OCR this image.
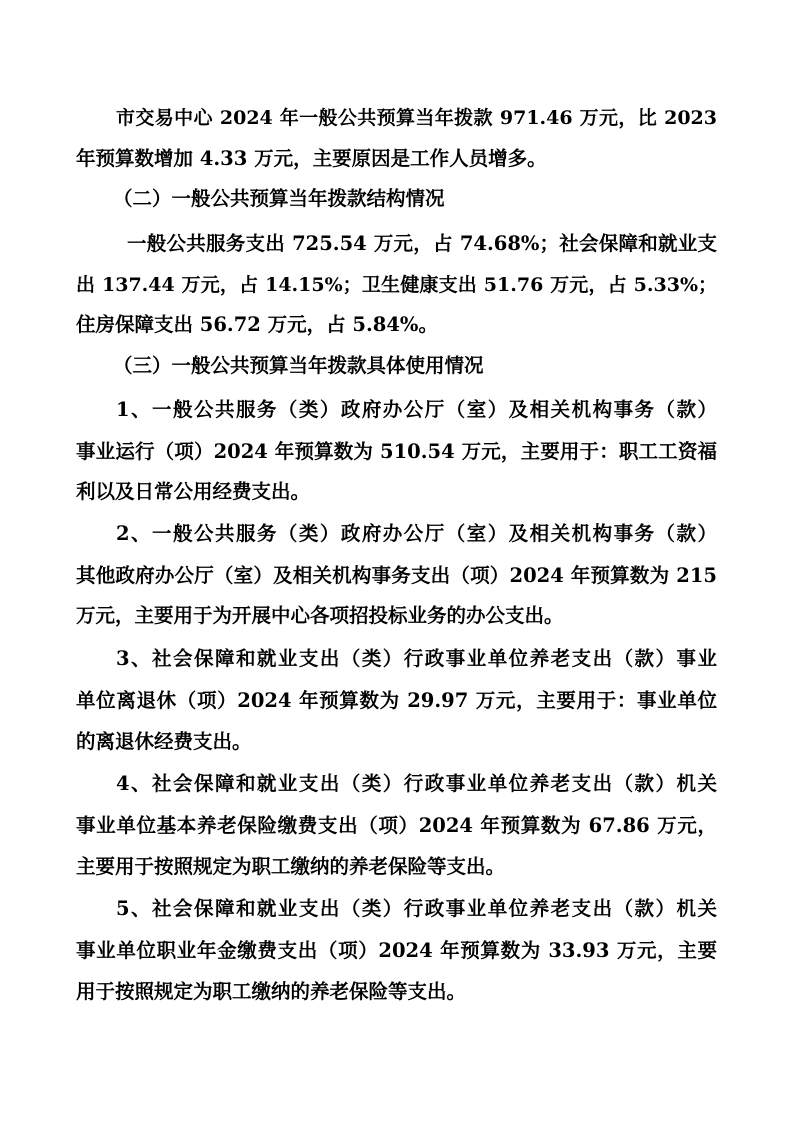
市交易中心 2024 年一般公共预算当年拨款 971.46 万元，比 2023
年预算数增加 4.33 万元，主要原因是工作人员增多。
（二）一般公共预算当年拨款结构情况
一般公共服务支出 725.54 万元，占 74.68%；社会保障和就业支
出 137.44 万元，占 14.15%；卫生健康支出 51.76 万元，占 5.33%；
住房保障支出 56.72 万元，占 5.84%。
（三）一般公共预算当年拨款具体使用情况
1、一般公共服务（类）政府办公厅（室）及相关机构事务（款）
事业运行（项）2024 年预算数为 510.54 万元，主要用于：职工工资福
利以及日常公用经费支出。
2、一般公共服务（类）政府办公厅（室）及相关机构事务（款）
其他政府办公厅（室）及相关机构事务支出（项）2024 年预算数为 215
万元，主要用于为开展中心各项招投标业务的办公支出。
3、社会保障和就业支出（类）行政事业单位养老支出（款）事业
单位离退休（项）2024 年预算数为 29.97 万元，主要用于：事业单位
的离退休经费支出。
4、社会保障和就业支出（类）行政事业单位养老支出（款）机关
事业单位基本养老保险缴费支出（项）2024 年预算数为 67.86 万元，
主要用于按照规定为职工缴纳的养老保险等支出。
5、社会保障和就业支出（类）行政事业单位养老支出（款）机关
事业单位职业年金缴费支出（项）2024 年预算数为 33.93 万元，主要
用于按照规定为职工缴纳的养老保险等支出。
